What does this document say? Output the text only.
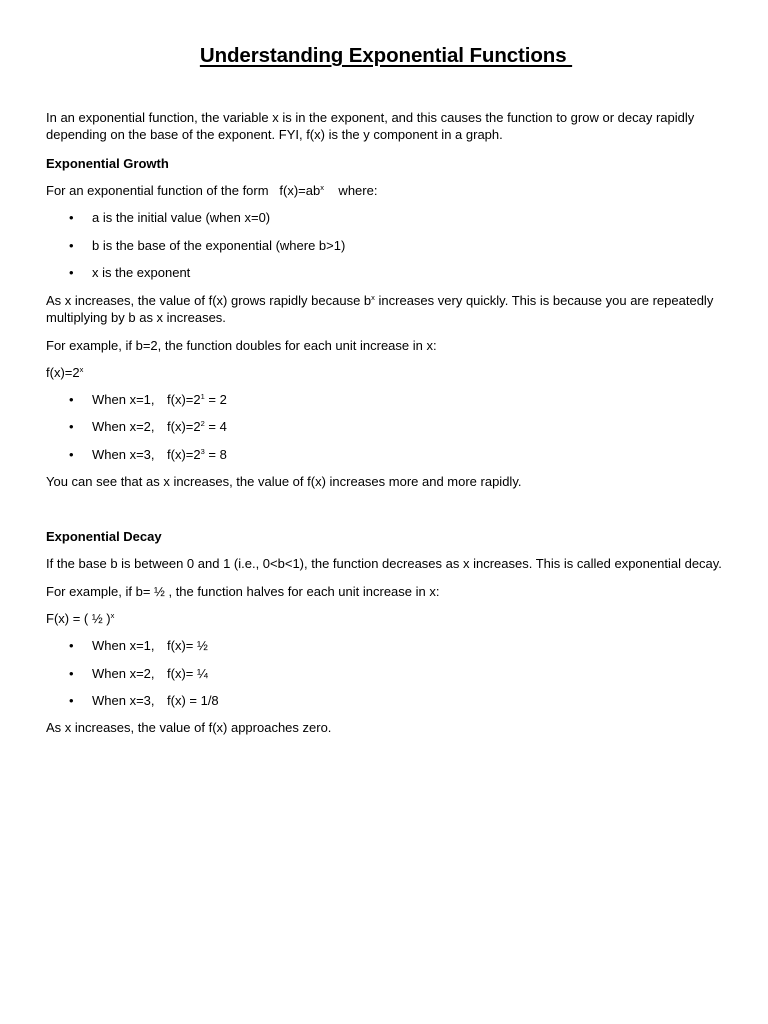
Understanding Exponential Functions
In an exponential function, the variable x is in the exponent, and this causes the function to grow or decay rapidly depending on the base of the exponent. FYI, f(x) is the y component in a graph.
Exponential Growth
For an exponential function of the form   $f(x)=ab^x$    where:
• a is the initial value (when x=0)
• b is the base of the exponential (where b>1)
• x is the exponent
As x increases, the value of f(x) grows rapidly because $b^x$ increases very quickly. This is because you are repeatedly multiplying by b as x increases.
For example, if b=2, the function doubles for each unit increase in x:
$f(x)=2^x$
• When x=1, $f(x)=2^1 = 2$
• When x=2, $f(x)=2^2 = 4$
• When x=3, $f(x)=2^3 = 8$
You can see that as x increases, the value of f(x) increases more and more rapidly.
Exponential Decay
If the base b is between 0 and 1 (i.e., 0<b<1), the function decreases as x increases. This is called exponential decay.
For example, if b= ½ , the function halves for each unit increase in x:
F(x) = ( ½ )$^x$
• When x=1, f(x)= ½
• When x=2, f(x)= ¼
• When x=3, f(x) = 1/8
As x increases, the value of f(x) approaches zero.
